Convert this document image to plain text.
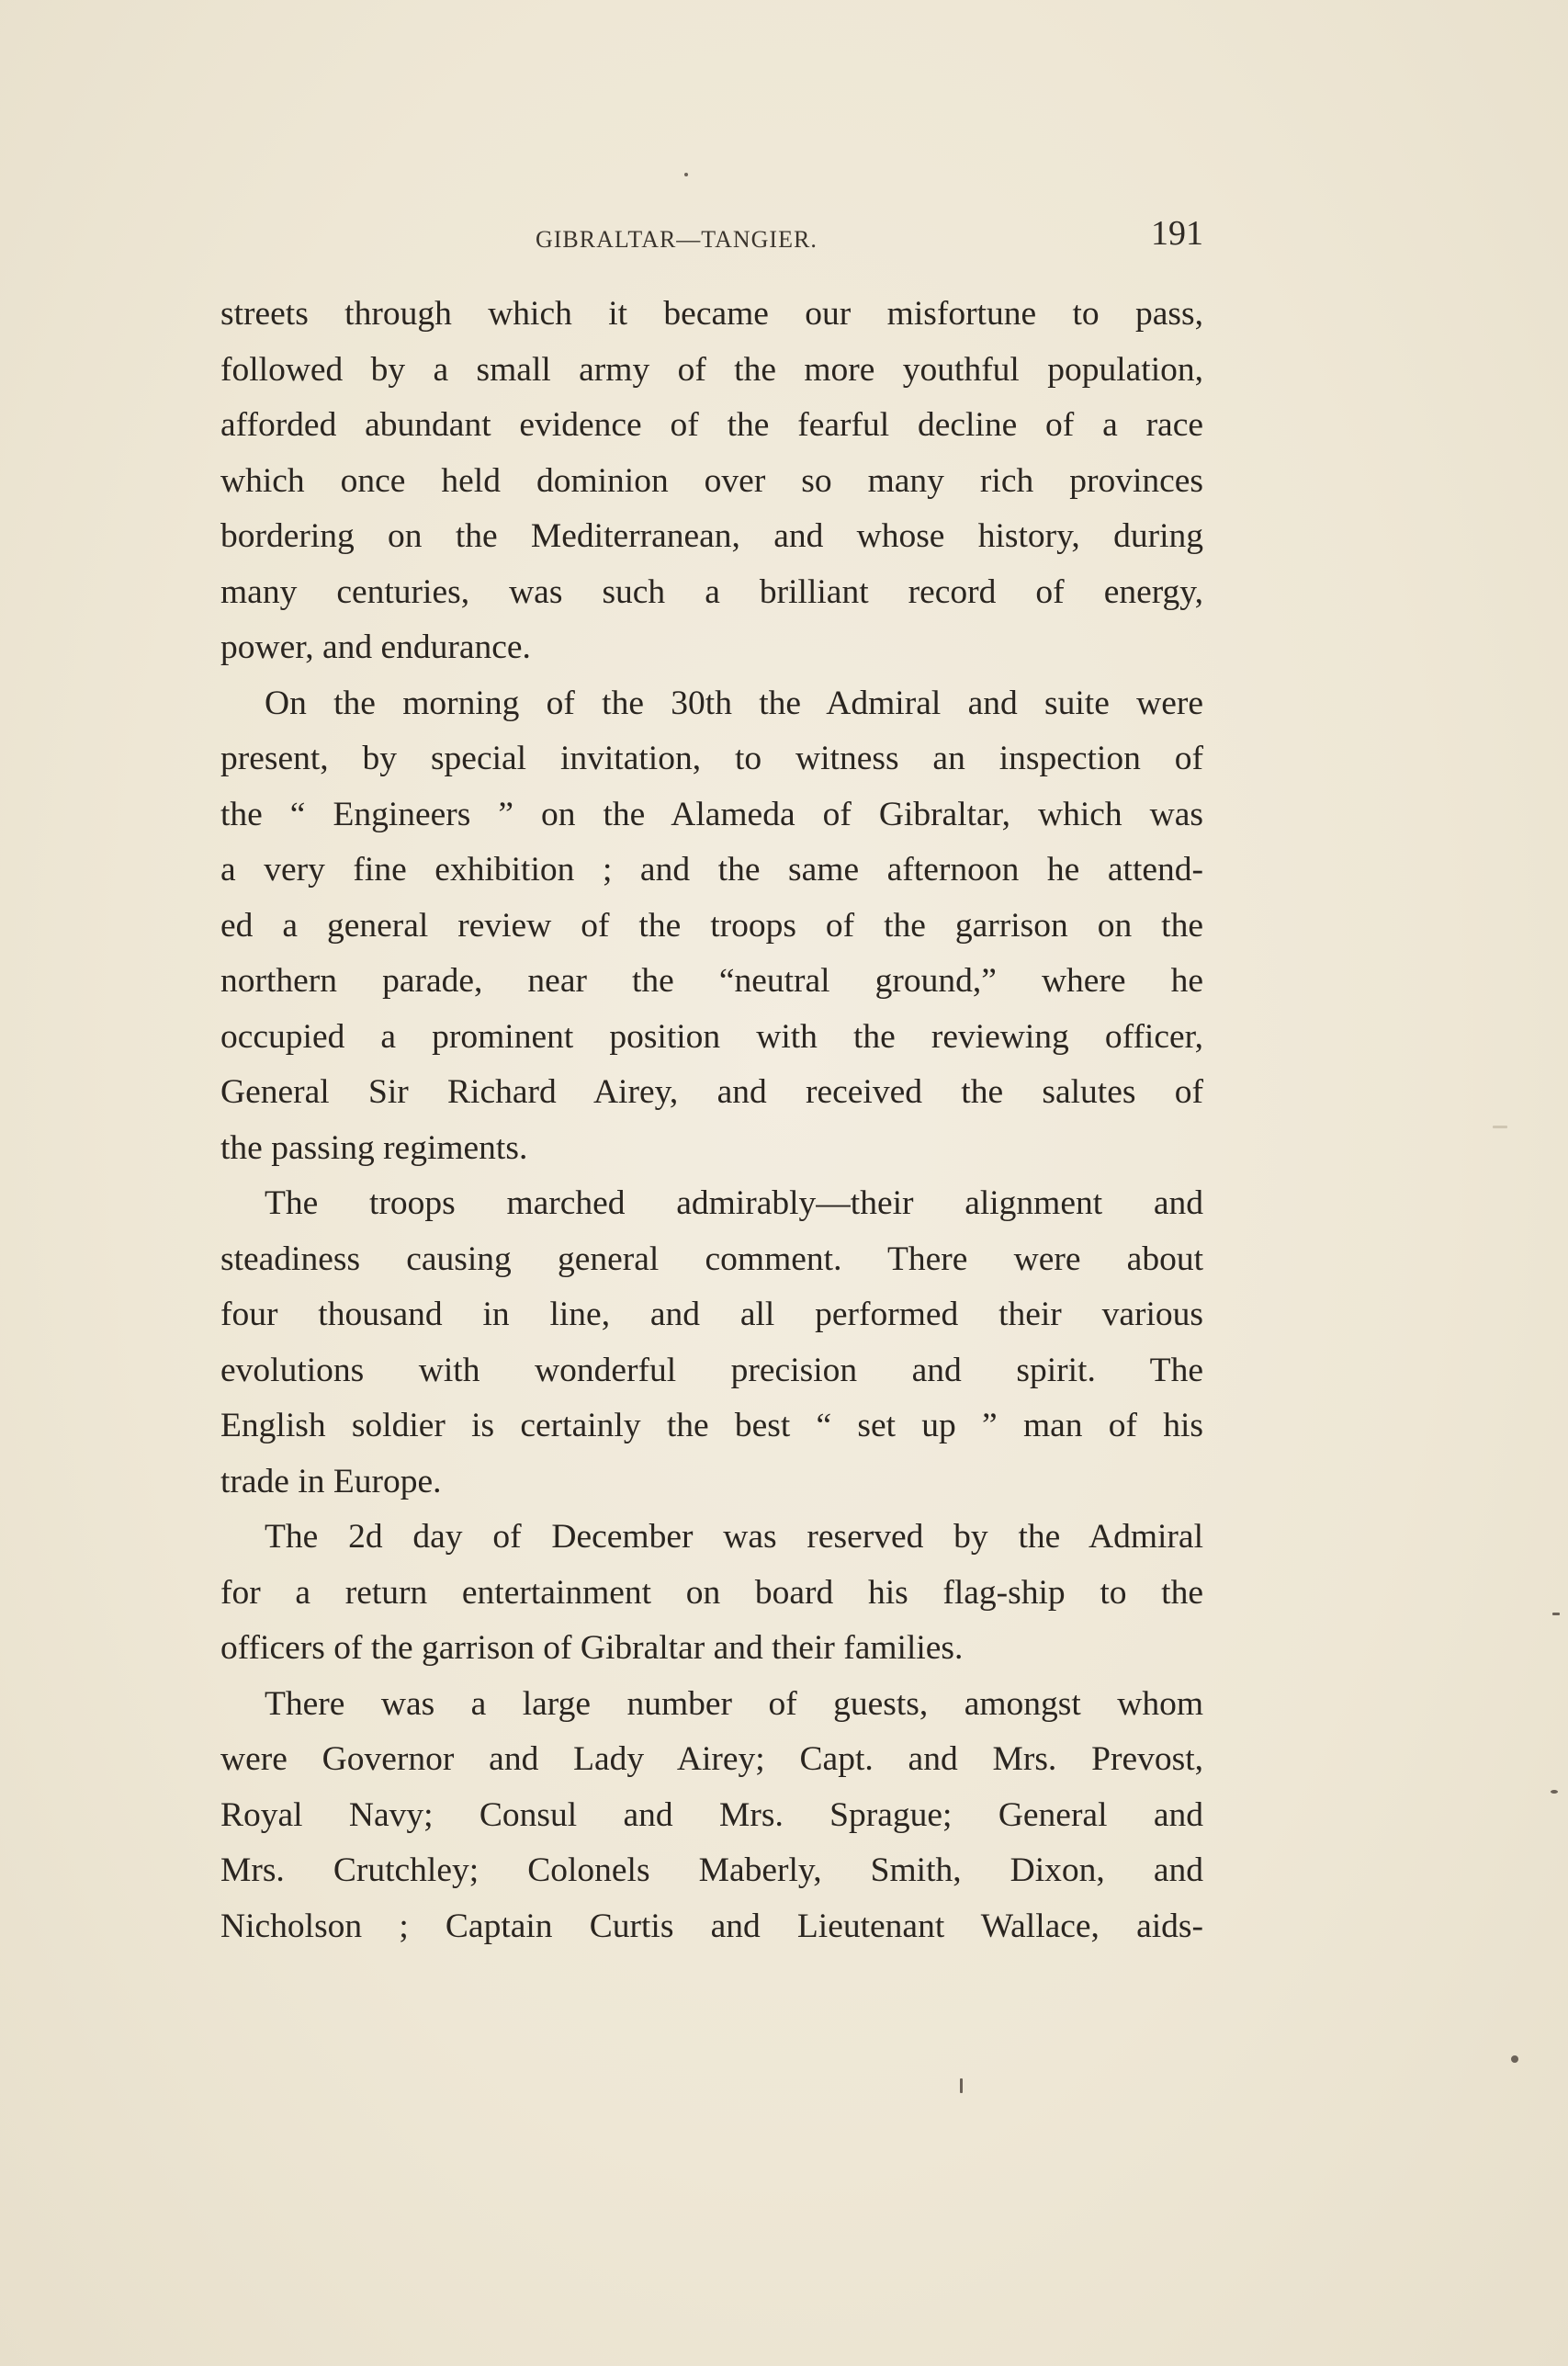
GIBRALTAR—TANGIER.	191
streets through which it became our misfortune to pass,
followed by a small army of the more youthful population,
afforded abundant evidence of the fearful decline of a race
which once held dominion over so many rich provinces
bordering on the Mediterranean, and whose history, during
many centuries, was such a brilliant record of energy,
power, and endurance.
On the morning of the 30th the Admiral and suite were
present, by special invitation, to witness an inspection of
the “ Engineers ” on the Alameda of Gibraltar, which was
a very fine exhibition ; and the same afternoon he attend-
ed a general review of the troops of the garrison on the
northern parade, near the “neutral ground,” where he
occupied a prominent position with the reviewing officer,
General Sir Richard Airey, and received the salutes of
the passing regiments.
The troops marched admirably—their alignment and
steadiness causing general comment. There were about
four thousand in line, and all performed their various
evolutions with wonderful precision and spirit. The
English soldier is certainly the best “ set up ” man of his
trade in Europe.
The 2d day of December was reserved by the Admiral
for a return entertainment on board his flag-ship to the
officers of the garrison of Gibraltar and their families.
There was a large number of guests, amongst whom
were Governor and Lady Airey; Capt. and Mrs. Prevost,
Royal Navy; Consul and Mrs. Sprague; General and
Mrs. Crutchley; Colonels Maberly, Smith, Dixon, and
Nicholson ; Captain Curtis and Lieutenant Wallace, aids-
